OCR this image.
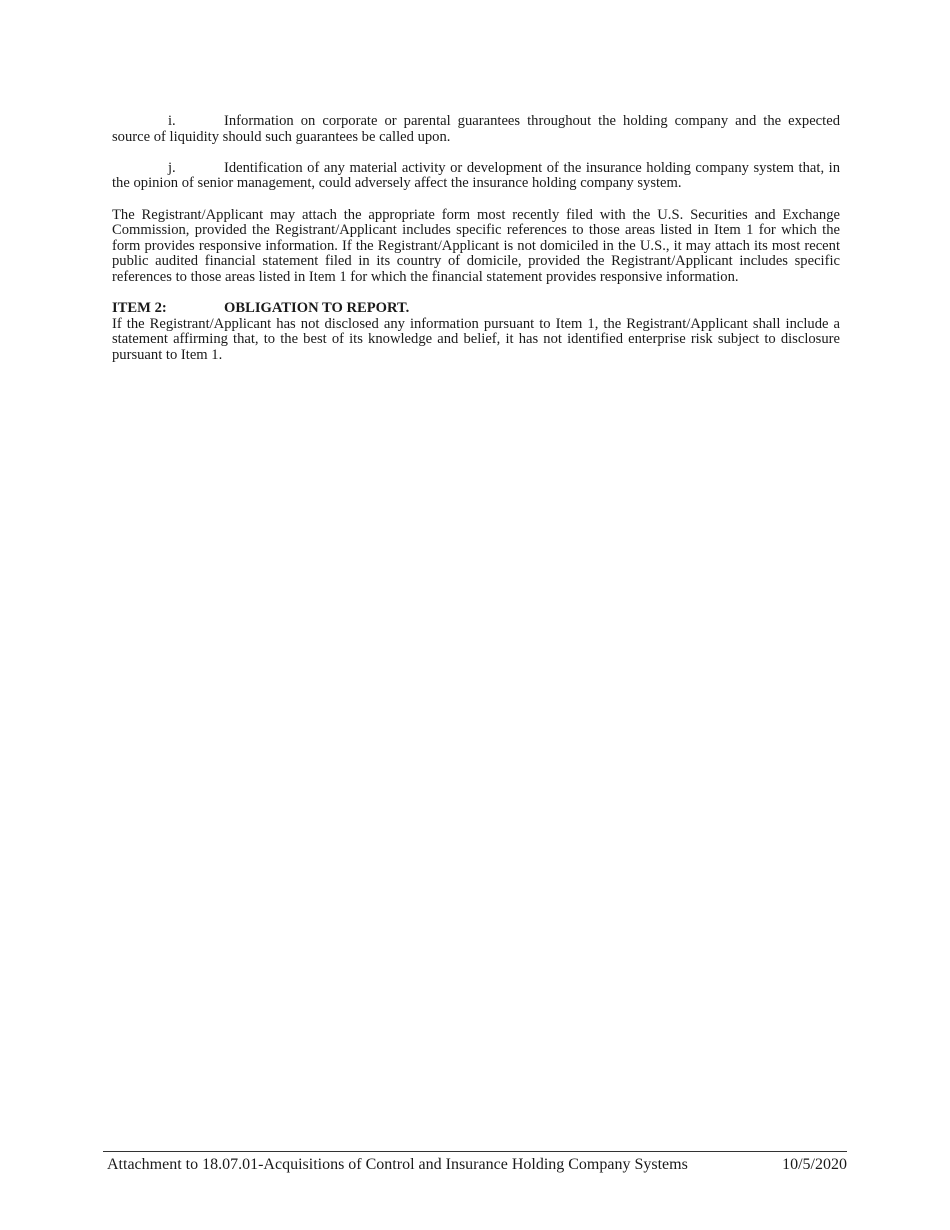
i.	Information on corporate or parental guarantees throughout the holding company and the expected source of liquidity should such guarantees be called upon.

j.	Identification of any material activity or development of the insurance holding company system that, in the opinion of senior management, could adversely affect the insurance holding company system.

The Registrant/Applicant may attach the appropriate form most recently filed with the U.S. Securities and Exchange Commission, provided the Registrant/Applicant includes specific references to those areas listed in Item 1 for which the form provides responsive information. If the Registrant/Applicant is not domiciled in the U.S., it may attach its most recent public audited financial statement filed in its country of domicile, provided the Registrant/Applicant includes specific references to those areas listed in Item 1 for which the financial statement provides responsive information.

ITEM 2:	OBLIGATION TO REPORT.

If the Registrant/Applicant has not disclosed any information pursuant to Item 1, the Registrant/Applicant shall include a statement affirming that, to the best of its knowledge and belief, it has not identified enterprise risk subject to disclosure pursuant to Item 1.

Attachment to 18.07.01-Acquisitions of Control and Insurance Holding Company Systems	10/5/2020
